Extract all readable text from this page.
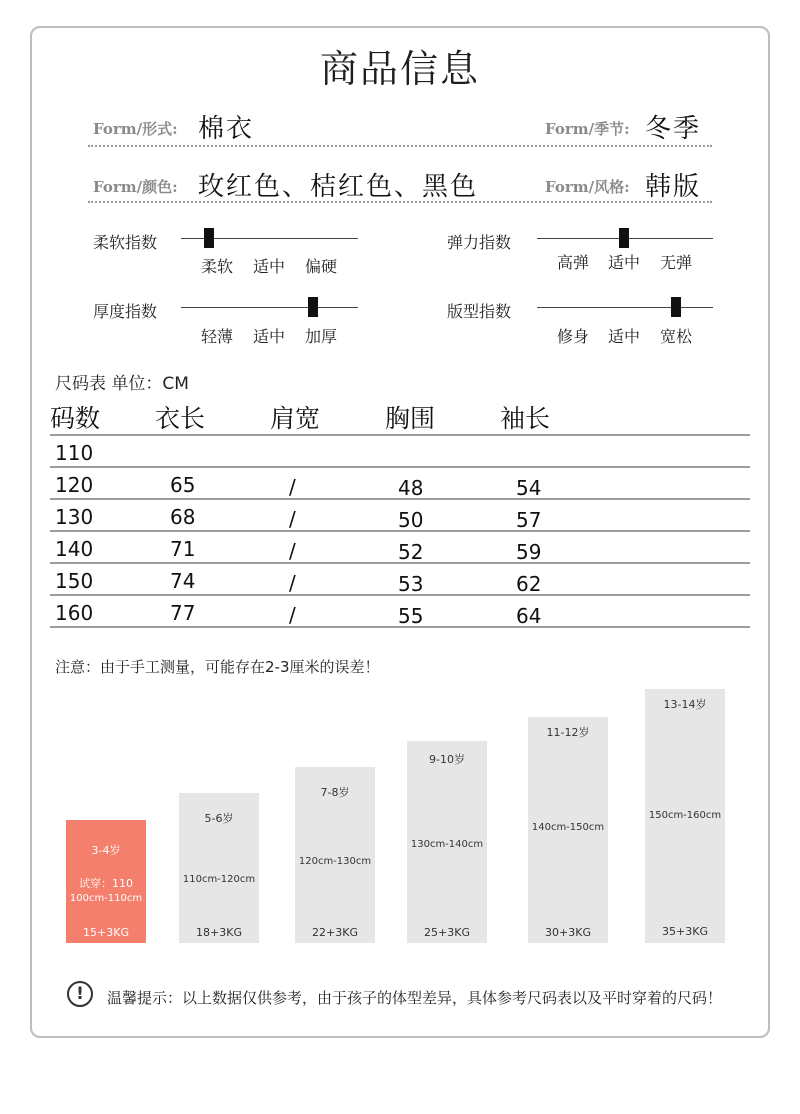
商品信息
Form/形式: 棉衣	Form/季节: 冬季
Form/颜色: 玫红色、桔红色、黑色	Form/风格: 韩版
柔软指数
柔软	适中	偏硬
弹力指数
高弹	适中	无弹
厚度指数
轻薄	适中	加厚
版型指数
修身	适中	宽松
尺码表 单位：CM
码数 衣长	肩宽	胸围	袖长
110
120	65	/	48	54
130	68	/	50	57
140	71	/	52	59
150	74	/	53	62
160	77	/	55	64
注意：由于手工测量，可能存在2-3厘米的误差！
3-4岁
试穿：110
100cm-110cm
15+3KG
5-6岁
110cm-120cm
18+3KG
7-8岁
120cm-130cm
22+3KG
9-10岁
130cm-140cm
25+3KG
11-12岁
140cm-150cm
30+3KG
13-14岁
150cm-160cm
35+3KG
!	温馨提示：以上数据仅供参考，由于孩子的体型差异，具体参考尺码表以及平时穿着的尺码！
